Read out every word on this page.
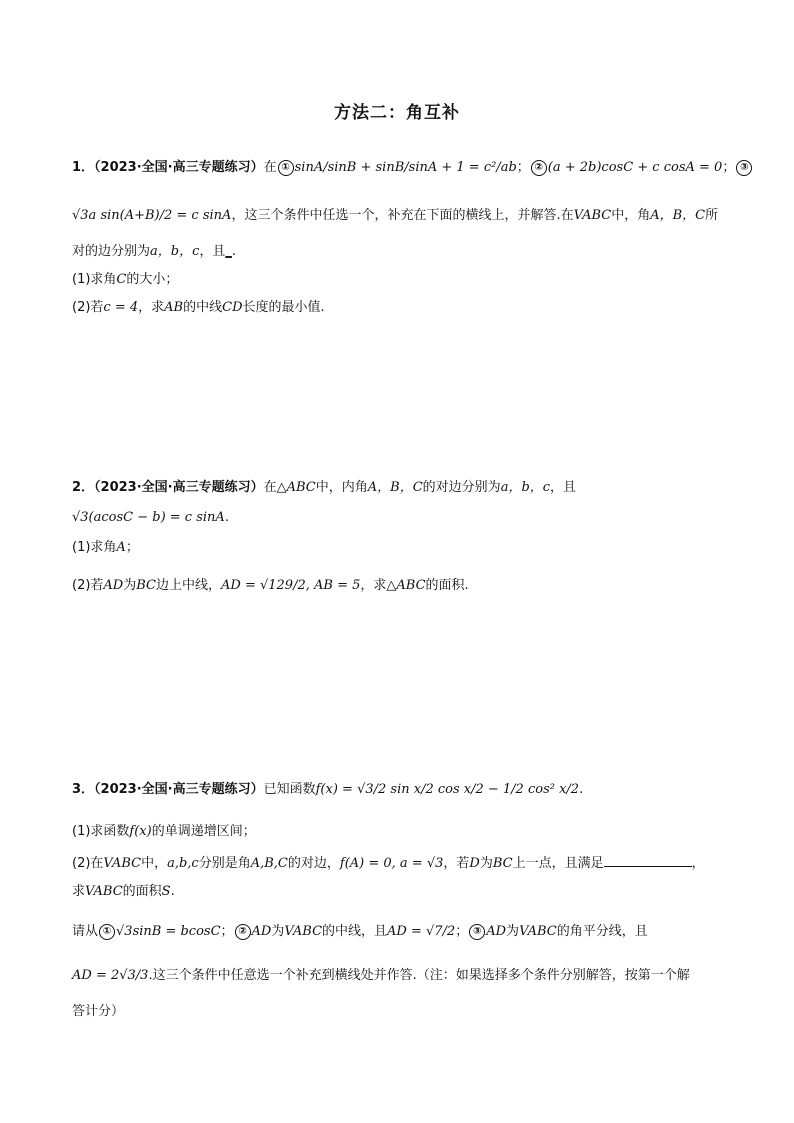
方法二：角互补
1．（2023·全国·高三专题练习）在 ① sinA/sinB + sinB/sinA + 1 = c²/ab； ② (a + 2b)cosC + c cosA = 0； ③
√3a sin(A+B)/2 = c sinA，这三个条件中任选一个，补充在下面的横线上，并解答.在VABC中，角A，B，C所
对的边分别为a，b，c，且_.
(1)求角C的大小；
(2)若c = 4，求AB的中线CD长度的最小值.
2．（2023·全国·高三专题练习）在△ABC中，内角A，B，C的对边分别为a，b，c，且
√3(acosC − b) = c sinA.
(1)求角A；
(2)若AD为BC边上中线，AD = √129/2, AB = 5，求△ABC的面积.
3．（2023·全国·高三专题练习）已知函数f(x) = √3/2 sin x/2 cos x/2 − 1/2 cos² x/2.
(1)求函数f(x)的单调递增区间；
(2)在VABC中，a,b,c分别是角A,B,C的对边，f(A) = 0, a = √3，若D为BC上一点，且满足	，
求VABC的面积S.
请从 ① √3sinB = bcosC； ② AD为VABC的中线，且AD = √7/2； ③ AD为VABC的角平分线，且
AD = 2√3/3.这三个条件中任意选一个补充到横线处并作答.（注：如果选择多个条件分别解答，按第一个解
答计分）
